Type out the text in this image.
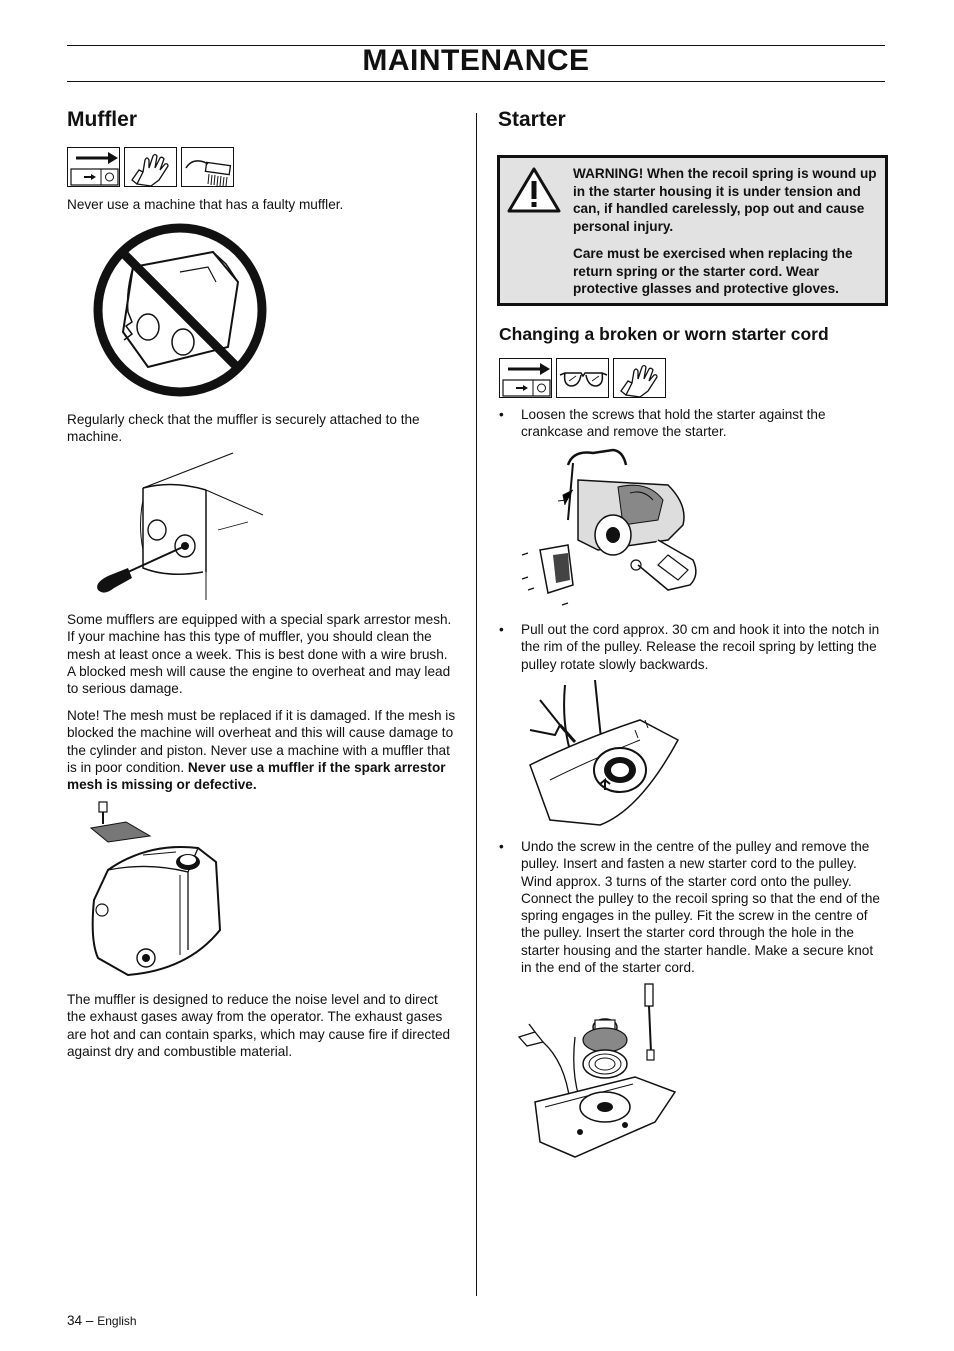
MAINTENANCE
Muffler
Never use a machine that has a faulty muffler.
Regularly check that the muffler is securely attached to the machine.
Some mufflers are equipped with a special spark arrestor mesh. If your machine has this type of muffler, you should clean the mesh at least once a week. This is best done with a wire brush. A blocked mesh will cause the engine to overheat and may lead to serious damage.
Note! The mesh must be replaced if it is damaged. If the mesh is blocked the machine will overheat and this will cause damage to the cylinder and piston. Never use a machine with a muffler that is in poor condition. Never use a muffler if the spark arrestor mesh is missing or defective.
The muffler is designed to reduce the noise level and to direct the exhaust gases away from the operator. The exhaust gases are hot and can contain sparks, which may cause fire if directed against dry and combustible material.
Starter

WARNING! When the recoil spring is wound up in the starter housing it is under tension and can, if handled carelessly, pop out and cause personal injury.

Care must be exercised when replacing the return spring or the starter cord. Wear protective glasses and protective gloves.

Changing a broken or worn starter cord
• Loosen the screws that hold the starter against the crankcase and remove the starter.
• Pull out the cord approx. 30 cm and hook it into the notch in the rim of the pulley. Release the recoil spring by letting the pulley rotate slowly backwards.
• Undo the screw in the centre of the pulley and remove the pulley. Insert and fasten a new starter cord to the pulley. Wind approx. 3 turns of the starter cord onto the pulley. Connect the pulley to the recoil spring so that the end of the spring engages in the pulley. Fit the screw in the centre of the pulley. Insert the starter cord through the hole in the starter housing and the starter handle. Make a secure knot in the end of the starter cord.
34 – English
